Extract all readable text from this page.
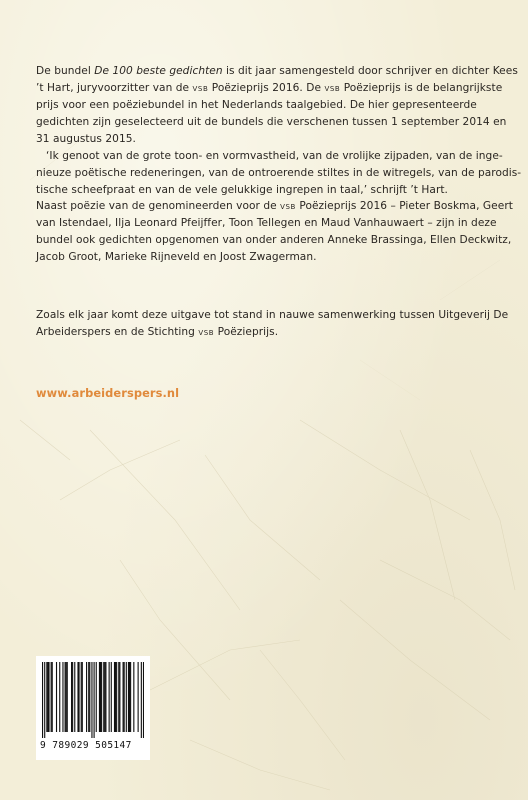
De bundel De 100 beste gedichten is dit jaar samengesteld door schrijver en dichter Kees
’t Hart, juryvoorzitter van de vsb Poëzieprijs 2016. De vsb Poëzieprijs is de belangrijkste
prijs voor een poëziebundel in het Nederlands taalgebied. De hier gepresenteerde
gedichten zijn geselecteerd uit de bundels die verschenen tussen 1 september 2014 en
31 augustus 2015.
‘Ik genoot van de grote toon- en vormvastheid, van de vrolijke zijpaden, van de inge-
nieuze poëtische redeneringen, van de ontroerende stiltes in de witregels, van de parodis-
tische scheefpraat en van de vele gelukkige ingrepen in taal,’ schrijft ’t Hart.
Naast poëzie van de genomineerden voor de vsb Poëzieprijs 2016 – Pieter Boskma, Geert
van Istendael, Ilja Leonard Pfeijffer, Toon Tellegen en Maud Vanhauwaert – zijn in deze
bundel ook gedichten opgenomen van onder anderen Anneke Brassinga, Ellen Deckwitz,
Jacob Groot, Marieke Rijneveld en Joost Zwagerman.
Zoals elk jaar komt deze uitgave tot stand in nauwe samenwerking tussen Uitgeverij De
Arbeiderspers en de Stichting vsb Poëzieprijs.
www.arbeiderspers.nl
9 789029 505147
